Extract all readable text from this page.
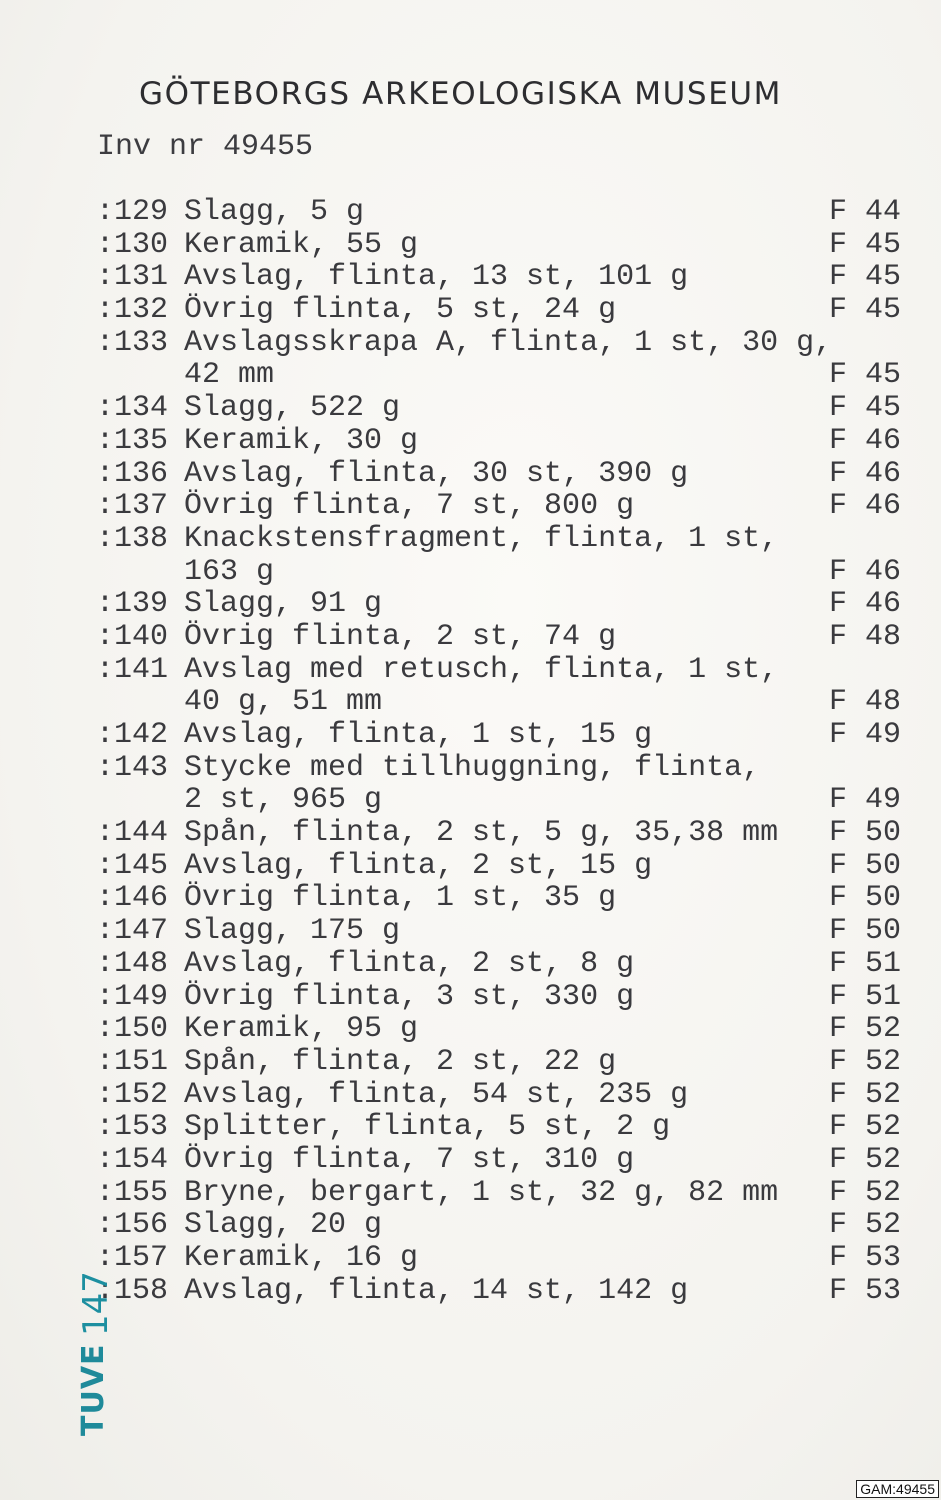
GÖTEBORGS ARKEOLOGISKA MUSEUM
Inv nr 49455
:129 Slagg, 5 g	F 44
:130 Keramik, 55 g	F 45
:131 Avslag, flinta, 13 st, 101 g	F 45
:132 Övrig flinta, 5 st, 24 g	F 45
:133 Avslagsskrapa A, flinta, 1 st, 30 g,
42 mm	F 45
:134 Slagg, 522 g	F 45
:135 Keramik, 30 g	F 46
:136 Avslag, flinta, 30 st, 390 g	F 46
:137 Övrig flinta, 7 st, 800 g	F 46
:138 Knackstensfragment, flinta, 1 st,
163 g	F 46
:139 Slagg, 91 g	F 46
:140 Övrig flinta, 2 st, 74 g	F 48
:141 Avslag med retusch, flinta, 1 st,
40 g, 51 mm	F 48
:142 Avslag, flinta, 1 st, 15 g	F 49
:143 Stycke med tillhuggning, flinta,
2 st, 965 g	F 49
:144 Spån, flinta, 2 st, 5 g, 35,38 mm F 50
:145 Avslag, flinta, 2 st, 15 g	F 50
:146 Övrig flinta, 1 st, 35 g	F 50
:147 Slagg, 175 g	F 50
:148 Avslag, flinta, 2 st, 8 g	F 51
:149 Övrig flinta, 3 st, 330 g	F 51
:150 Keramik, 95 g	F 52
:151 Spån, flinta, 2 st, 22 g	F 52
:152 Avslag, flinta, 54 st, 235 g	F 52
:153 Splitter, flinta, 5 st, 2 g	F 52
:154 Övrig flinta, 7 st, 310 g	F 52
:155 Bryne, bergart, 1 st, 32 g, 82 mm F 52
:156 Slagg, 20 g	F 52
:157 Keramik, 16 g	F 53
:158 Avslag, flinta, 14 st, 142 g	F 53
TUVE
147
GAM:49455
